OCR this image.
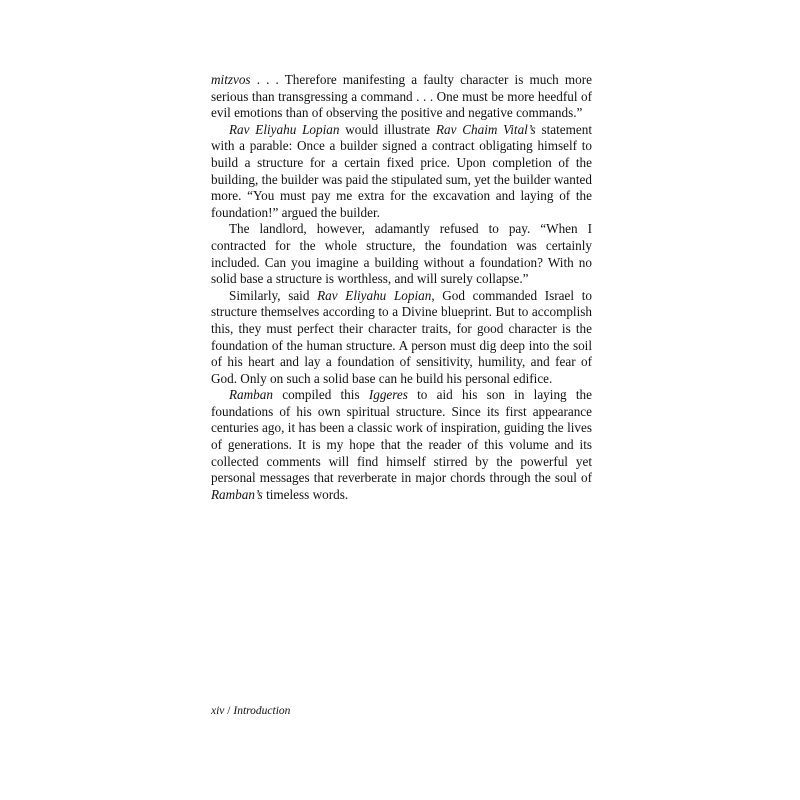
mitzvos . . . Therefore manifesting a faulty character is much more serious than transgressing a command . . . One must be more heedful of evil emotions than of observing the positive and negative commands.”

Rav Eliyahu Lopian would illustrate Rav Chaim Vital’s statement with a parable: Once a builder signed a contract obligating himself to build a structure for a certain fixed price. Upon completion of the building, the builder was paid the stipulated sum, yet the builder wanted more. “You must pay me extra for the excavation and laying of the foundation!” argued the builder.

The landlord, however, adamantly refused to pay. “When I contracted for the whole structure, the foundation was certainly included. Can you imagine a building without a foundation? With no solid base a structure is worthless, and will surely collapse.”

Similarly, said Rav Eliyahu Lopian, God commanded Israel to structure themselves according to a Divine blueprint. But to accomplish this, they must perfect their character traits, for good character is the foundation of the human structure. A person must dig deep into the soil of his heart and lay a foundation of sensitivity, humility, and fear of God. Only on such a solid base can he build his personal edifice.

Ramban compiled this Iggeres to aid his son in laying the foundations of his own spiritual structure. Since its first appearance centuries ago, it has been a classic work of inspiration, guiding the lives of generations. It is my hope that the reader of this volume and its collected comments will find himself stirred by the powerful yet personal messages that reverberate in major chords through the soul of Ramban’s timeless words.

xiv / Introduction
